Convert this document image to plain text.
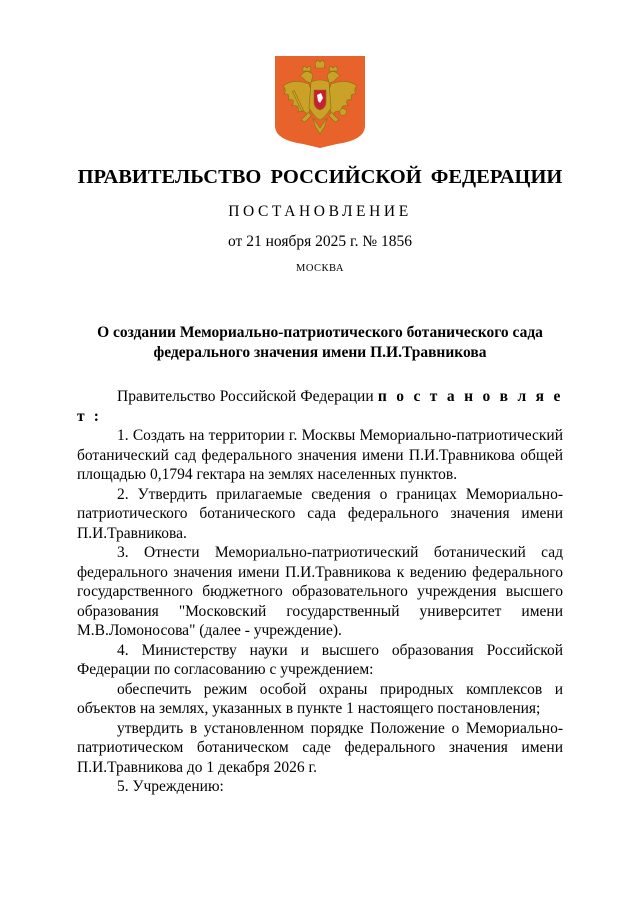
ПРАВИТЕЛЬСТВО РОССИЙСКОЙ ФЕДЕРАЦИИ
ПОСТАНОВЛЕНИЕ
от 21 ноября 2025 г. № 1856
МОСКВА
О создании Мемориально-патриотического ботанического сада федерального значения имени П.И.Травникова

Правительство Российской Федерации п о с т а н о в л я е т :

1. Создать на территории г. Москвы Мемориально-патриотический ботанический сад федерального значения имени П.И.Травникова общей площадью 0,1794 гектара на землях населенных пунктов.

2. Утвердить прилагаемые сведения о границах Мемориально-патриотического ботанического сада федерального значения имени П.И.Травникова.

3. Отнести Мемориально-патриотический ботанический сад федерального значения имени П.И.Травникова к ведению федерального государственного бюджетного образовательного учреждения высшего образования "Московский государственный университет имени М.В.Ломоносова" (далее - учреждение).

4. Министерству науки и высшего образования Российской Федерации по согласованию с учреждением:

обеспечить режим особой охраны природных комплексов и объектов на землях, указанных в пункте 1 настоящего постановления;

утвердить в установленном порядке Положение о Мемориально-патриотическом ботаническом саде федерального значения имени П.И.Травникова до 1 декабря 2026 г.

5. Учреждению:
